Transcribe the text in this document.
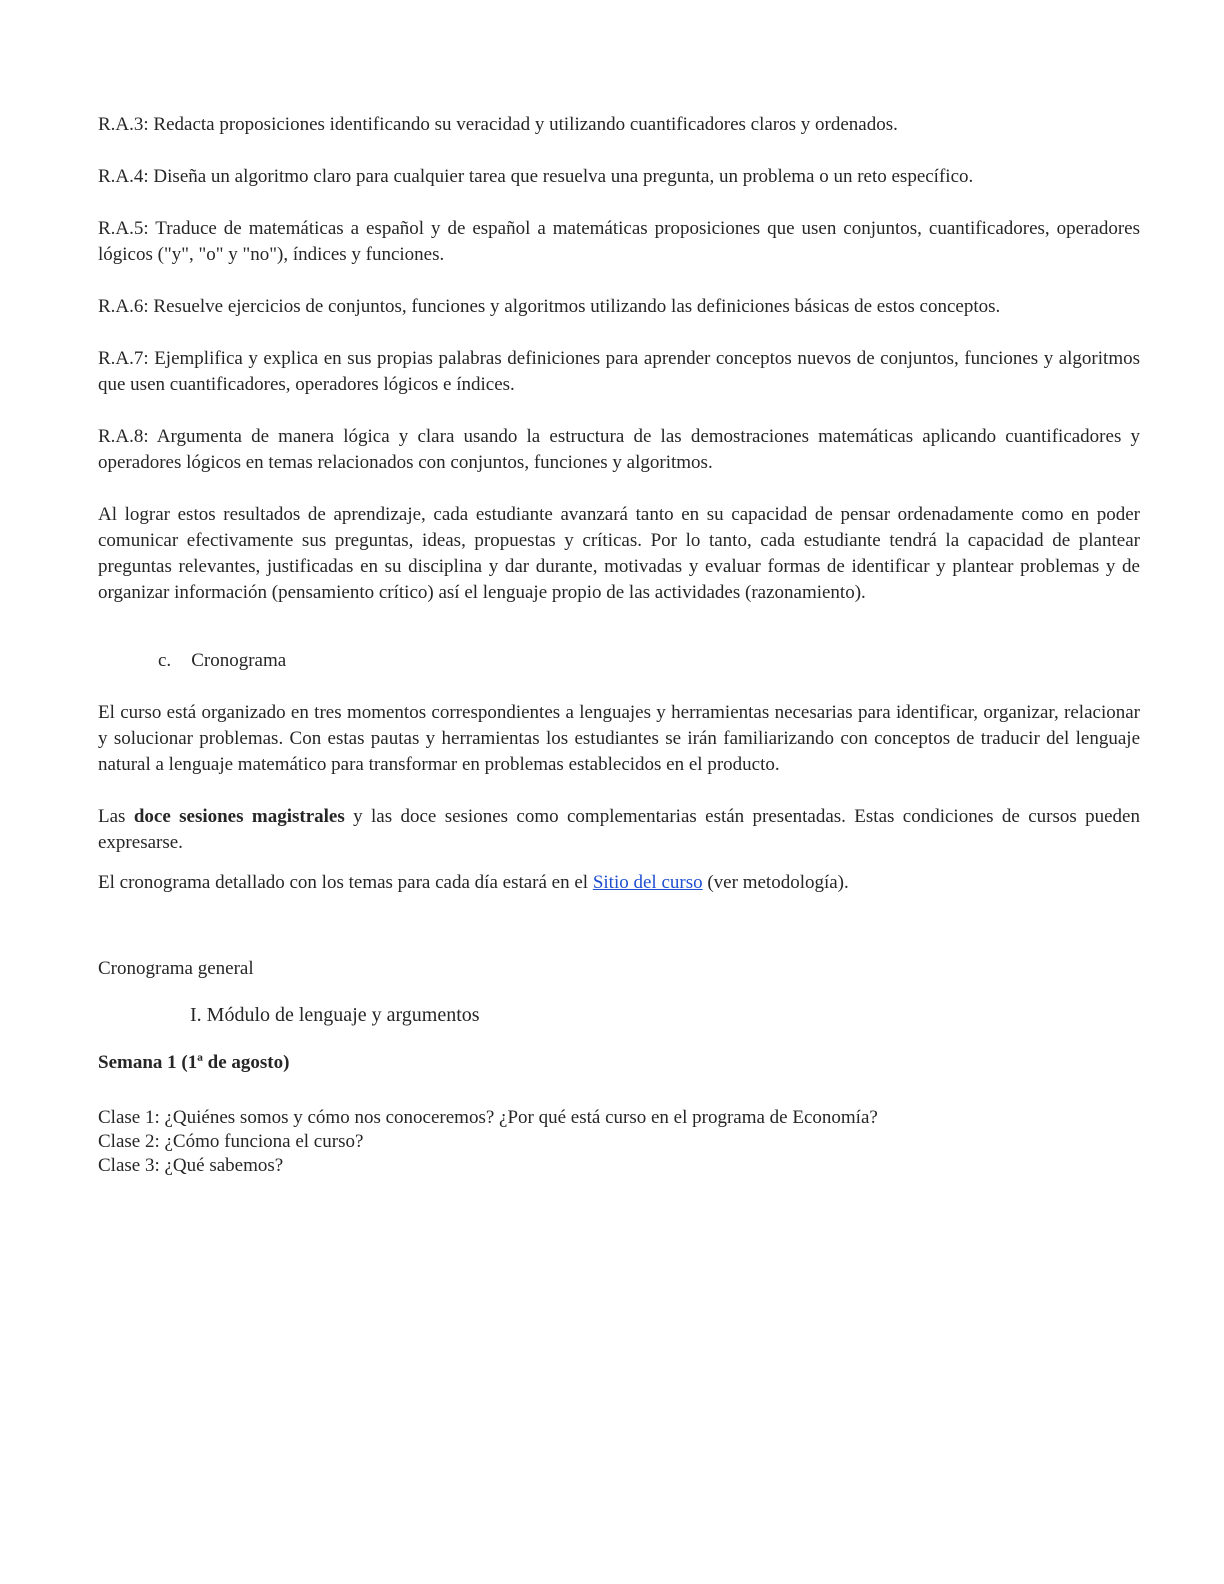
R.A.3: Redacta proposiciones identificando su veracidad y utilizando cuantificadores claros y ordenados.

R.A.4: Diseña un algoritmo claro para cualquier tarea que resuelva una pregunta, un problema o un reto específico.

R.A.5: Traduce de matemáticas a español y de español a matemáticas proposiciones que usen conjuntos, cuantificadores, operadores lógicos ("y", "o" y "no"), índices y funciones.

R.A.6: Resuelve ejercicios de conjuntos, funciones y algoritmos utilizando las definiciones básicas de estos conceptos.

R.A.7: Ejemplifica y explica en sus propias palabras definiciones para aprender conceptos nuevos de conjuntos, funciones y algoritmos que usen cuantificadores, operadores lógicos e índices.

R.A.8: Argumenta de manera lógica y clara usando la estructura de las demostraciones matemáticas aplicando cuantificadores y operadores lógicos en temas relacionados con conjuntos, funciones y algoritmos.

Al lograr estos resultados de aprendizaje, cada estudiante avanzará tanto en su capacidad de pensar ordenadamente como en poder comunicar efectivamente sus preguntas, ideas, propuestas y críticas. Por lo tanto, cada estudiante tendrá la capacidad de plantear preguntas relevantes, justificadas en su disciplina y dar durante, motivadas y evaluar formas de identificar y plantear problemas y de organizar información (pensamiento crítico) así el lenguaje propio de las actividades (razonamiento).

c. Cronograma

El curso está organizado en tres momentos correspondientes a lenguajes y herramientas necesarias para identificar, organizar, relacionar y solucionar problemas. Con estas pautas y herramientas los estudiantes se irán familiarizando con conceptos de traducir del lenguaje natural a lenguaje matemático para transformar en problemas establecidos en el producto.

Las doce sesiones magistrales y las doce sesiones como complementarias están presentadas. Estas condiciones de cursos pueden expresarse.

El cronograma detallado con los temas para cada día estará en el Sitio del curso (ver metodología).

Cronograma general
I. Módulo de lenguaje y argumentos
Semana 1 (1ª de agosto)
Clase 1: ¿Quiénes somos y cómo nos conoceremos? ¿Por qué está curso en el programa de Economía?
Clase 2: ¿Cómo funciona el curso?
Clase 3: ¿Qué sabemos?
